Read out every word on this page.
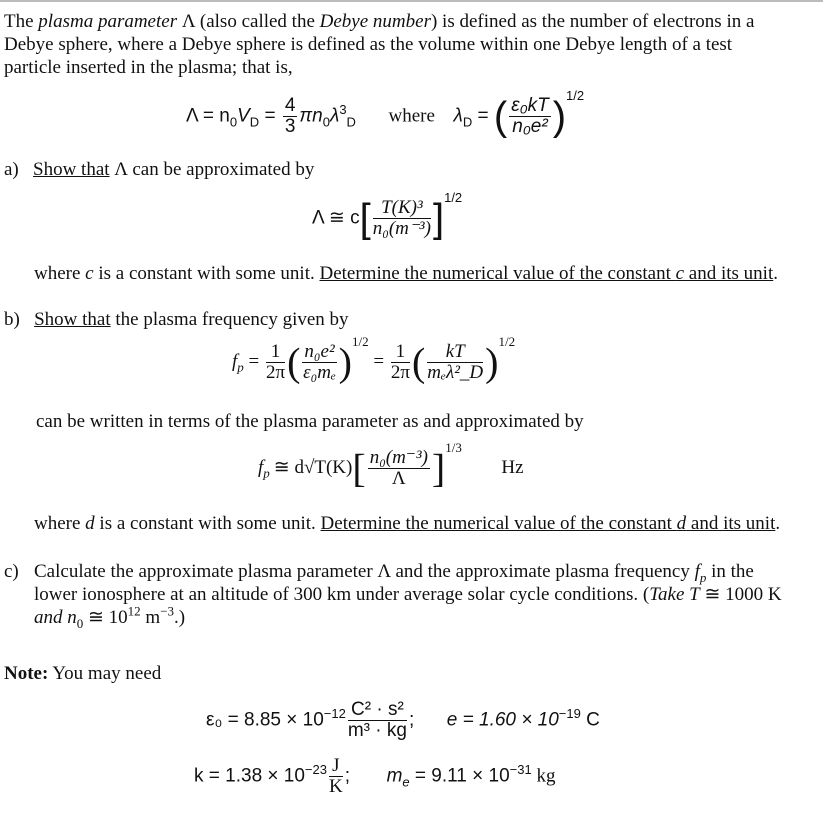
The plasma parameter Λ (also called the Debye number) is defined as the number of electrons in a Debye sphere, where a Debye sphere is defined as the volume within one Debye length of a test particle inserted in the plasma; that is,
$\Lambda = n_0V_D = \frac{4}{3} \pi n_0\lambda^3_D$ where $\lambda_D$ = ( $\frac{\text{ε₀kT}}{\text{n₀e²}} )^{1/2}$
a) Show that Λ can be approximated by
Λ ≅ $c[ \frac{\text{T(K)³}}{\text{n₀(m⁻³)}} ]^{1/2}$
where c is a constant with some unit. Determine the numerical value of the constant c and its unit.
b) Show that the plasma frequency given by
$f_p = \frac{1}{2\pi}$ ( $\frac{\text{n₀e²}}{\text{ε₀mₑ}} )^{1/2} = \frac{1}{2\pi}$ ( $\frac{kT}{\text{mₑλ²\_D}} )^{1/2}$
can be written in terms of the plasma parameter as and approximated by
$f_p$ ≅ $d√T(K)[ \frac{\text{n₀(m⁻³)}}{\Lambda} ]^{1/3}$  Hz
where d is a constant with some unit. Determine the numerical value of the constant d and its unit.
c) Calculate the approximate plasma parameter Λ and the approximate plasma frequency $f_p$ in the lower ionosphere at an altitude of 300 km under average solar cycle conditions. (Take T ≅ 1000 K and $n_0$ ≅ $10^{12}$ $m^{-3}$.)
Note: You may need
$\varepsilon_0 = 8.85 \times 10^{-12} \frac{\text{C² · s²}}{\text{m³ · kg}}$ ; $e = 1.60 \times 10^{-19}$ C
$k = 1.38 \times 10^{-23} \frac{J}{K}$ ; $m_e = 9.11 \times 10^{-31}$ kg
